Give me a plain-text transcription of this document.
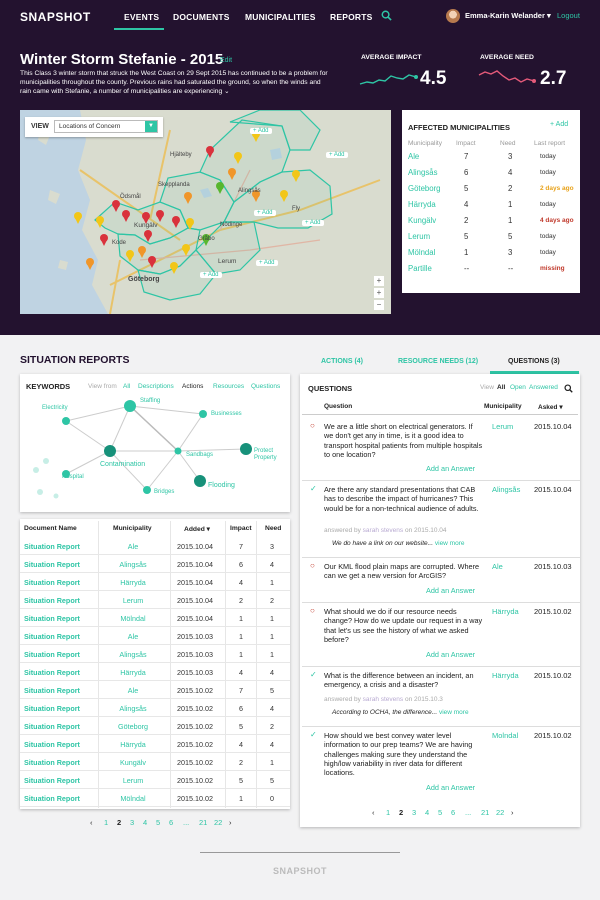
SNAPSHOT	EVENTS DOCUMENTS MUNICIPALITIES REPORTS	Emma-Karin Welander ▾ Logout
Winter Storm Stefanie - 2015
Edit
This Class 3 winter storm that struck the West Coast on 29 Sept 2015 has continued to be a problem for municipalities throughout the county. Previous rains had saturated the ground, so when the winds and rain came with Stefanie, a number of municipalities are experiencing ⌄
AVERAGE IMPACT
4.5
AVERAGE NEED
2.7
Skepplanda
Ödsmål
Alingsås
Kungälv
Gråbo
Lerum
Göteborg
Fly
Hjälteby
Nödinge
Kode
+ Add
+ Add
+ Add
+ Add
+ Add
+ Add
VIEW	Locations of Concern	▼
+
+
−
AFFECTED MUNICIPALITIES	+ Add
Municipality Impact	Need	Last report
Ale	7	3	today
Alingsås	6	4	today
Göteborg	5	2	2 days ago
Härryda	4	1	today
Kungälv	2	1	4 days ago
Lerum	5	5	today
Mölndal	1	3	today
Partille	--	--	missing
SITUATION REPORTS	ACTIONS (4)	RESOURCE NEEDS (12)	QUESTIONS (3)
KEYWORDS	View from All Descriptions Actions Resources Questions
Staffing
Electricity
Businesses
Sandbags
Protect Property
Contamination
Hospital
Flooding
Bridges
Document Name	Municipality	Added ▾	Impact Need
Situation Report	Ale	2015.10.04	7	3
Situation Report	Alingsås	2015.10.04	6	4
Situation Report	Härryda	2015.10.04	4	1
Situation Report	Lerum	2015.10.04	2	2
Situation Report	Mölndal	2015.10.04	1	1
Situation Report	Ale	2015.10.03	1	1
Situation Report	Alingsås	2015.10.03	1	1
Situation Report	Härryda	2015.10.03	4	4
Situation Report	Ale	2015.10.02	7	5
Situation Report	Alingsås	2015.10.02	6	4
Situation Report	Göteborg	2015.10.02	5	2
Situation Report	Härryda	2015.10.02	4	4
Situation Report	Kungälv	2015.10.02	2	1
Situation Report	Lerum	2015.10.02	5	5
Situation Report	Mölndal	2015.10.02	1	0
‹ 1 2 3 4 5 6 ... 21 22 ›
QUESTIONS	View All Open Answered
Question	Municipality	Asked ▾
○ We are a little short on electrical generators. If we don't get any in time, is it a good idea to transport hospital patients from multiple hospitals to one location?
Lerum	2015.10.04
Add an Answer
✓ Are there any standard presentations that CAB has to describe the impact of hurricanes? This would be for a non-technical audience of adults.
Alingsås 2015.10.04
answered by sarah stevens on 2015.10.04
We do have a link on our website... view more
○ Our KML flood plain maps are corrupted. Where can we get a new version for ArcGIS?
Ale	2015.10.03
Add an Answer
○ What should we do if our resource needs change? How do we update our request in a way that let's us see the history of what we asked before?
Härryda 2015.10.02
Add an Answer
✓ What is the difference between an incident, an emergency, a crisis and a disaster?
Härryda 2015.10.02
answered by sarah stevens on 2015.10.3
According to OCHA, the difference... view more
✓ How should we best convey water level information to our prep teams? We are having challenges making sure they understand the high/low variability in river data for different locations.
Molndal 2015.10.02
Add an Answer
‹ 1 2 3 4 5 6 ... 21 22 ›
SNAPSHOT
